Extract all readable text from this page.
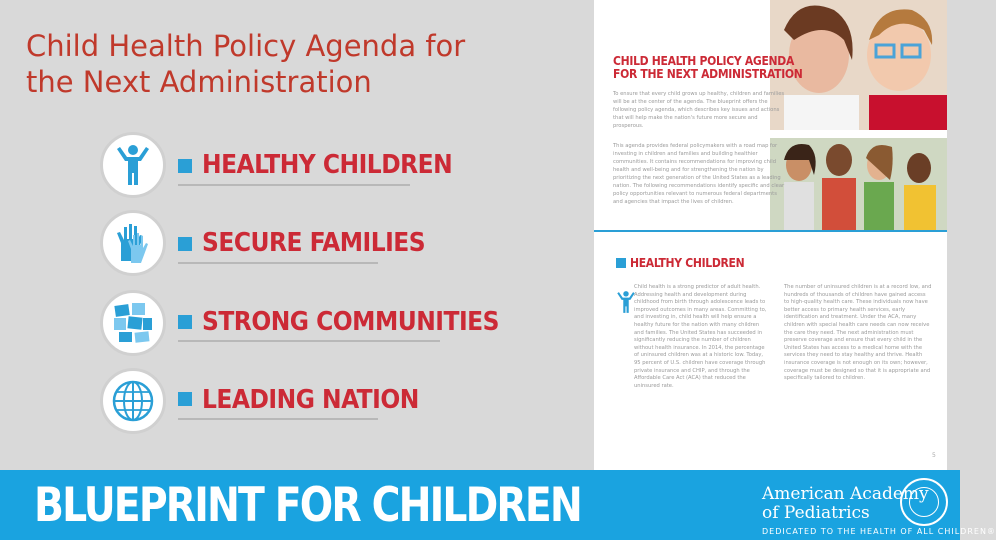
Child Health Policy Agenda for
the Next Administration
HEALTHY CHILDREN
SECURE FAMILIES
STRONG COMMUNITIES
LEADING NATION
CHILD HEALTH POLICY AGENDA
FOR THE NEXT ADMINISTRATION
To ensure that every child grows up healthy, children and families will be at the center of the agenda. The blueprint offers the following policy agenda, which describes key issues and actions that will help make the nation's future more secure and prosperous.
This agenda provides federal policymakers with a road map for investing in children and families and building healthier communities. It contains recommendations for improving child health and well-being and for strengthening the nation by prioritizing the next generation of the United States as a leading nation. The following recommendations identify specific and clear policy opportunities relevant to numerous federal departments and agencies that impact the lives of children.
HEALTHY CHILDREN
Child health is a strong predictor of adult health. Addressing health and development during childhood from birth through adolescence leads to improved outcomes in many areas. Committing to, and investing in, child health will help ensure a healthy future for the nation with many children and families. The United States has succeeded in significantly reducing the number of children without health insurance. In 2014, the percentage of uninsured children was at a historic low. Today, 95 percent of U.S. children have coverage through private insurance and CHIP, and through the Affordable Care Act (ACA) that reduced the uninsured rate.
The number of uninsured children is at a record low, and hundreds of thousands of children have gained access to high-quality health care. These individuals now have better access to primary health services, early identification and treatment. Under the ACA, many children with special health care needs can now receive the care they need. The next administration must preserve coverage and ensure that every child in the United States has access to a medical home with the services they need to stay healthy and thrive. Health insurance coverage is not enough on its own; however, coverage must be designed so that it is appropriate and specifically tailored to children.
5
BLUEPRINT FOR CHILDREN	American Academy
of Pediatrics
DEDICATED TO THE HEALTH OF ALL CHILDREN®
